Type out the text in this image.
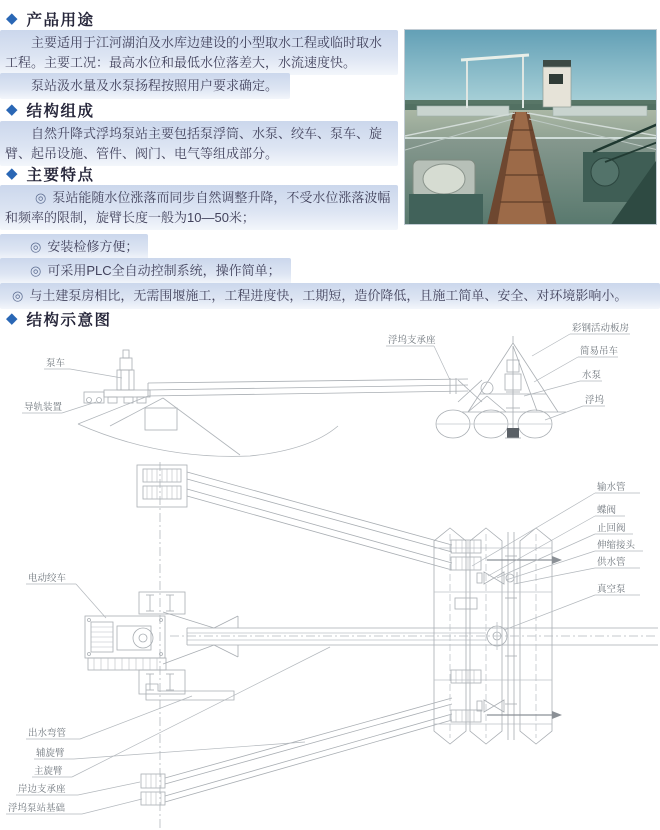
◆ 产品用途
主要适用于江河湖泊及水库边建设的小型取水工程或临时取水工程。主要工况：最高水位和最低水位落差大，水流速度快。
泵站汲水量及水泵扬程按照用户要求确定。
◆ 结构组成
自然升降式浮坞泵站主要包括泵浮筒、水泵、绞车、泵车、旋臂、起吊设施、管件、阀门、电气等组成部分。
◆ 主要特点
◎ 泵站能随水位涨落而同步自然调整升降，不受水位涨落波幅和频率的限制，旋臂长度一般为10—50米；
◎ 安装检修方便；
◎ 可采用PLC全自动控制系统，操作简单；
◎ 与土建泵房相比，无需围堰施工，工程进度快，工期短，造价降低，且施工简单、安全、对环境影响小。
◆ 结构示意图
泵车
导轨装置
浮坞支承座
彩钢活动板房
简易吊车
水泵
浮坞
输水管
蝶阀
止回阀
伸缩接头
供水管
真空泵
电动绞车
出水弯管
辅旋臂
主旋臂
岸边支承座
浮坞泵站基础
